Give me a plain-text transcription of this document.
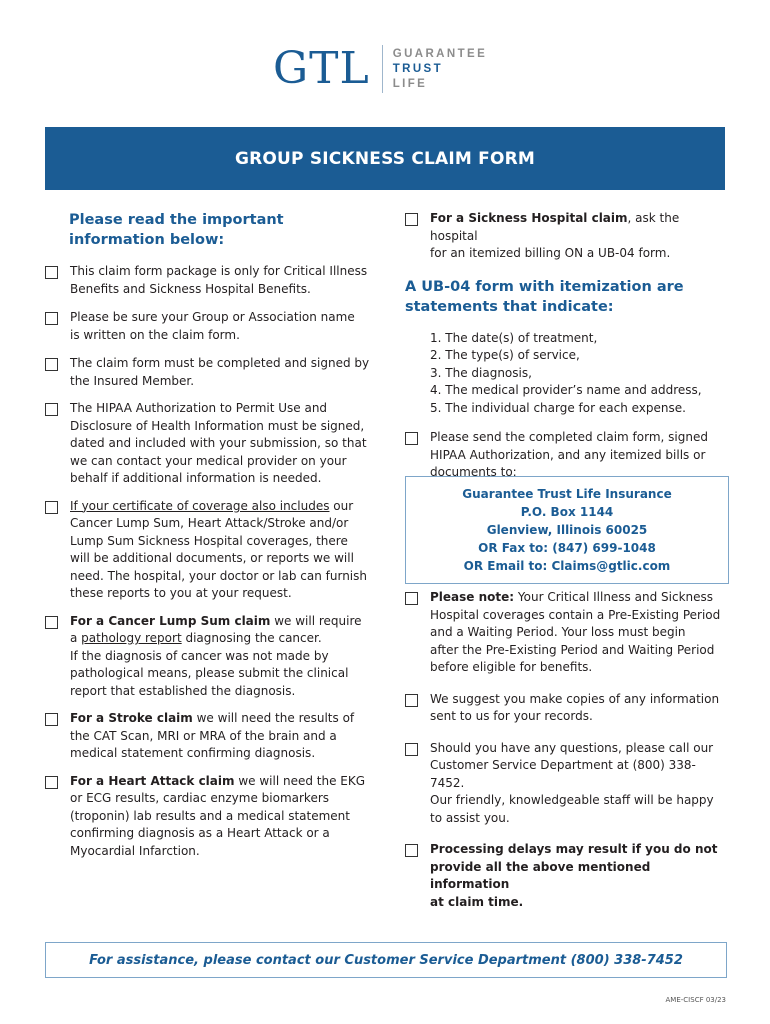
GTL GUARANTEE
TRUST
LIFE
GROUP SICKNESS CLAIM FORM
Please read the important
information below:
This claim form package is only for Critical Illness
Benefits and Sickness Hospital Benefits.
Please be sure your Group or Association name
is written on the claim form.
The claim form must be completed and signed by
the Insured Member.
The HIPAA Authorization to Permit Use and
Disclosure of Health Information must be signed,
dated and included with your submission, so that
we can contact your medical provider on your
behalf if additional information is needed.
If your certificate of coverage also includes our
Cancer Lump Sum, Heart Attack/Stroke and/or
Lump Sum Sickness Hospital coverages, there
will be additional documents, or reports we will
need. The hospital, your doctor or lab can furnish
these reports to you at your request.
For a Cancer Lump Sum claim we will require
a pathology report diagnosing the cancer.
If the diagnosis of cancer was not made by
pathological means, please submit the clinical
report that established the diagnosis.
For a Stroke claim we will need the results of
the CAT Scan, MRI or MRA of the brain and a
medical statement confirming diagnosis.
For a Heart Attack claim we will need the EKG
or ECG results, cardiac enzyme biomarkers
(troponin) lab results and a medical statement
confirming diagnosis as a Heart Attack or a
Myocardial Infarction.
For a Sickness Hospital claim, ask the hospital
for an itemized billing ON a UB-04 form.
A UB-04 form with itemization are
statements that indicate:
1. The date(s) of treatment,
2. The type(s) of service,
3. The diagnosis,
4. The medical provider’s name and address,
5. The individual charge for each expense.
Please send the completed claim form, signed
HIPAA Authorization, and any itemized bills or
documents to:
Guarantee Trust Life Insurance
P.O. Box 1144
Glenview, Illinois 60025
OR Fax to: (847) 699-1048
OR Email to: Claims@gtlic.com
Please note: Your Critical Illness and Sickness
Hospital coverages contain a Pre-Existing Period
and a Waiting Period. Your loss must begin
after the Pre-Existing Period and Waiting Period
before eligible for benefits.
We suggest you make copies of any information
sent to us for your records.
Should you have any questions, please call our
Customer Service Department at (800) 338-7452.
Our friendly, knowledgeable staff will be happy
to assist you.
Processing delays may result if you do not
provide all the above mentioned information
at claim time.
For assistance, please contact our Customer Service Department (800) 338-7452
AME-CISCF 03/23
